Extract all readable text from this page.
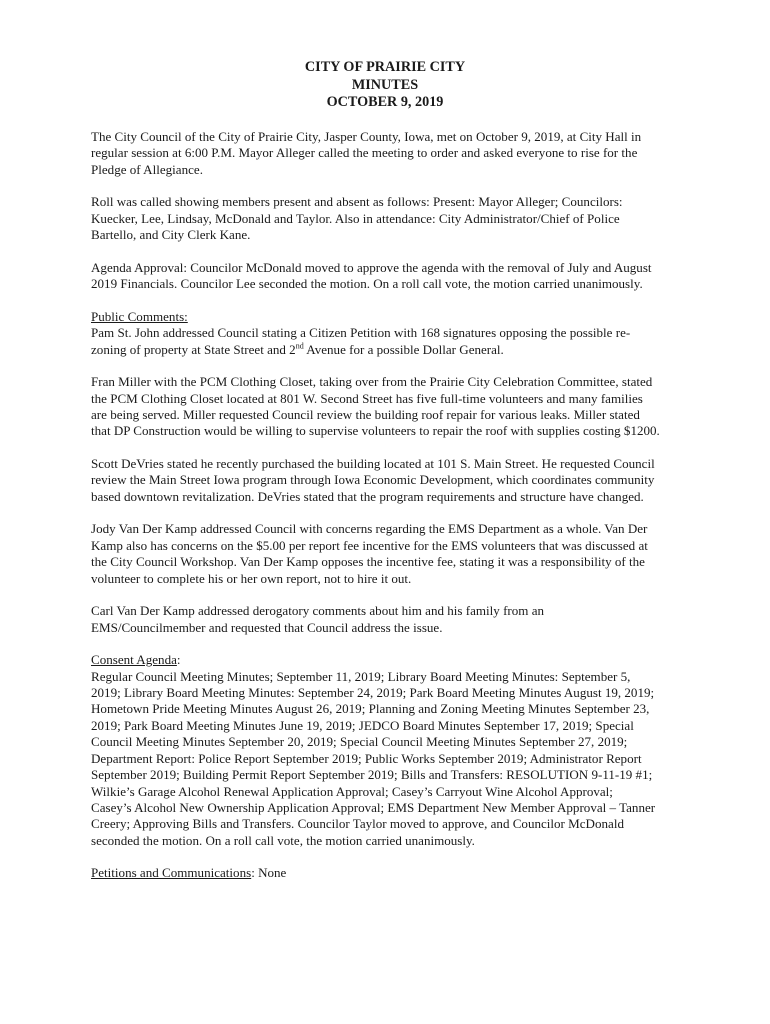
CITY OF PRAIRIE CITY
MINUTES
OCTOBER 9, 2019
The City Council of the City of Prairie City, Jasper County, Iowa, met on October 9, 2019, at City Hall in
regular session at 6:00 P.M. Mayor Alleger called the meeting to order and asked everyone to rise for the
Pledge of Allegiance.
Roll was called showing members present and absent as follows: Present: Mayor Alleger; Councilors:
Kuecker, Lee, Lindsay, McDonald and Taylor. Also in attendance: City Administrator/Chief of Police
Bartello, and City Clerk Kane.
Agenda Approval: Councilor McDonald moved to approve the agenda with the removal of July and August
2019 Financials. Councilor Lee seconded the motion. On a roll call vote, the motion carried unanimously.
Public Comments:
Pam St. John addressed Council stating a Citizen Petition with 168 signatures opposing the possible re-
zoning of property at State Street and 2nd Avenue for a possible Dollar General.
Fran Miller with the PCM Clothing Closet, taking over from the Prairie City Celebration Committee, stated
the PCM Clothing Closet located at 801 W. Second Street has five full-time volunteers and many families
are being served. Miller requested Council review the building roof repair for various leaks. Miller stated
that DP Construction would be willing to supervise volunteers to repair the roof with supplies costing $1200.
Scott DeVries stated he recently purchased the building located at 101 S. Main Street. He requested Council
review the Main Street Iowa program through Iowa Economic Development, which coordinates community
based downtown revitalization. DeVries stated that the program requirements and structure have changed.
Jody Van Der Kamp addressed Council with concerns regarding the EMS Department as a whole. Van Der
Kamp also has concerns on the $5.00 per report fee incentive for the EMS volunteers that was discussed at
the City Council Workshop. Van Der Kamp opposes the incentive fee, stating it was a responsibility of the
volunteer to complete his or her own report, not to hire it out.
Carl Van Der Kamp addressed derogatory comments about him and his family from an
EMS/Councilmember and requested that Council address the issue.
Consent Agenda:
Regular Council Meeting Minutes; September 11, 2019; Library Board Meeting Minutes: September 5,
2019; Library Board Meeting Minutes: September 24, 2019; Park Board Meeting Minutes August 19, 2019;
Hometown Pride Meeting Minutes August 26, 2019; Planning and Zoning Meeting Minutes September 23,
2019; Park Board Meeting Minutes June 19, 2019; JEDCO Board Minutes September 17, 2019; Special
Council Meeting Minutes September 20, 2019; Special Council Meeting Minutes September 27, 2019;
Department Report: Police Report September 2019; Public Works September 2019; Administrator Report
September 2019; Building Permit Report September 2019; Bills and Transfers: RESOLUTION 9-11-19 #1;
Wilkie’s Garage Alcohol Renewal Application Approval; Casey’s Carryout Wine Alcohol Approval;
Casey’s Alcohol New Ownership Application Approval; EMS Department New Member Approval – Tanner
Creery; Approving Bills and Transfers. Councilor Taylor moved to approve, and Councilor McDonald
seconded the motion. On a roll call vote, the motion carried unanimously.
Petitions and Communications: None
